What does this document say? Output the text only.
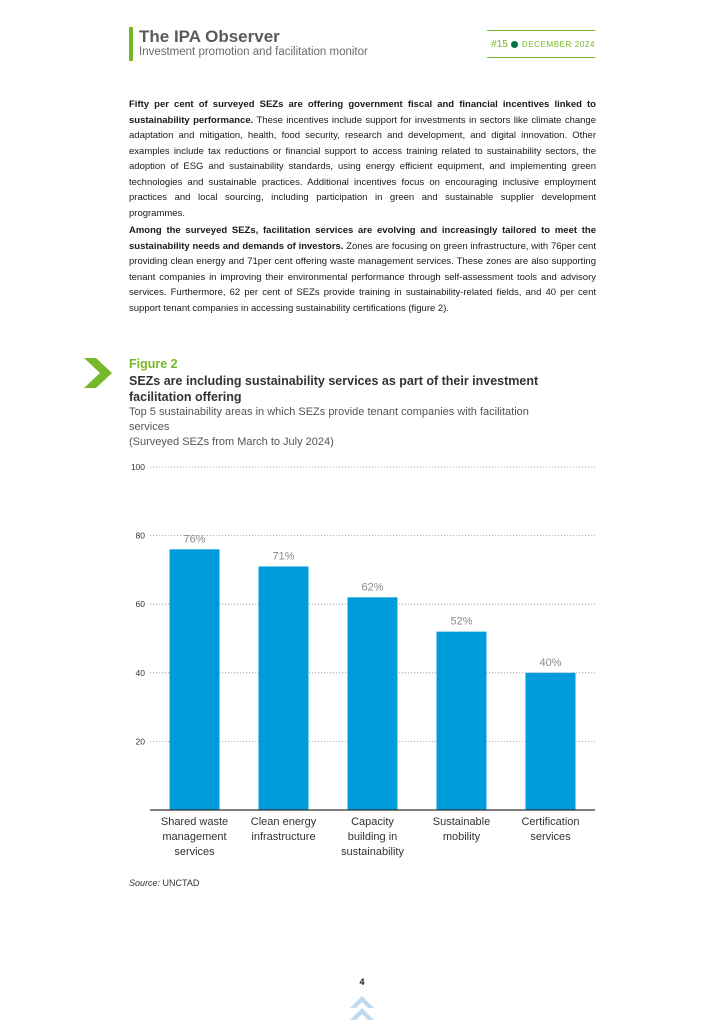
The IPA Observer
Investment promotion and facilitation monitor
#15 DECEMBER 2024

Fifty per cent of surveyed SEZs are offering government fiscal and financial incentives linked to sustainability performance. These incentives include support for investments in sectors like climate change adaptation and mitigation, health, food security, research and development, and digital innovation. Other examples include tax reductions or financial support to access training related to sustainability sectors, the adoption of ESG and sustainability standards, using energy efficient equipment, and implementing green technologies and sustainable practices. Additional incentives focus on encouraging inclusive employment practices and local sourcing, including participation in green and sustainable supplier development programmes.

Among the surveyed SEZs, facilitation services are evolving and increasingly tailored to meet the sustainability needs and demands of investors. Zones are focusing on green infrastructure, with 76per cent providing clean energy and 71per cent offering waste management services. These zones are also supporting tenant companies in improving their environmental performance through self-assessment tools and advisory services. Furthermore, 62 per cent of SEZs provide training in sustainability-related fields, and 40 per cent support tenant companies in accessing sustainability certifications (figure 2).

Figure 2
SEZs are including sustainability services as part of their investment facilitation offering
Top 5 sustainability areas in which SEZs provide tenant companies with facilitation services
(Surveyed SEZs from March to July 2024)
20
40
60
80
100
76%
Shared waste management services
71%
Clean energy infrastructure
62%
Capacity building in sustainability
52%
Sustainable mobility
40%
Certification services
Source: UNCTAD
4
